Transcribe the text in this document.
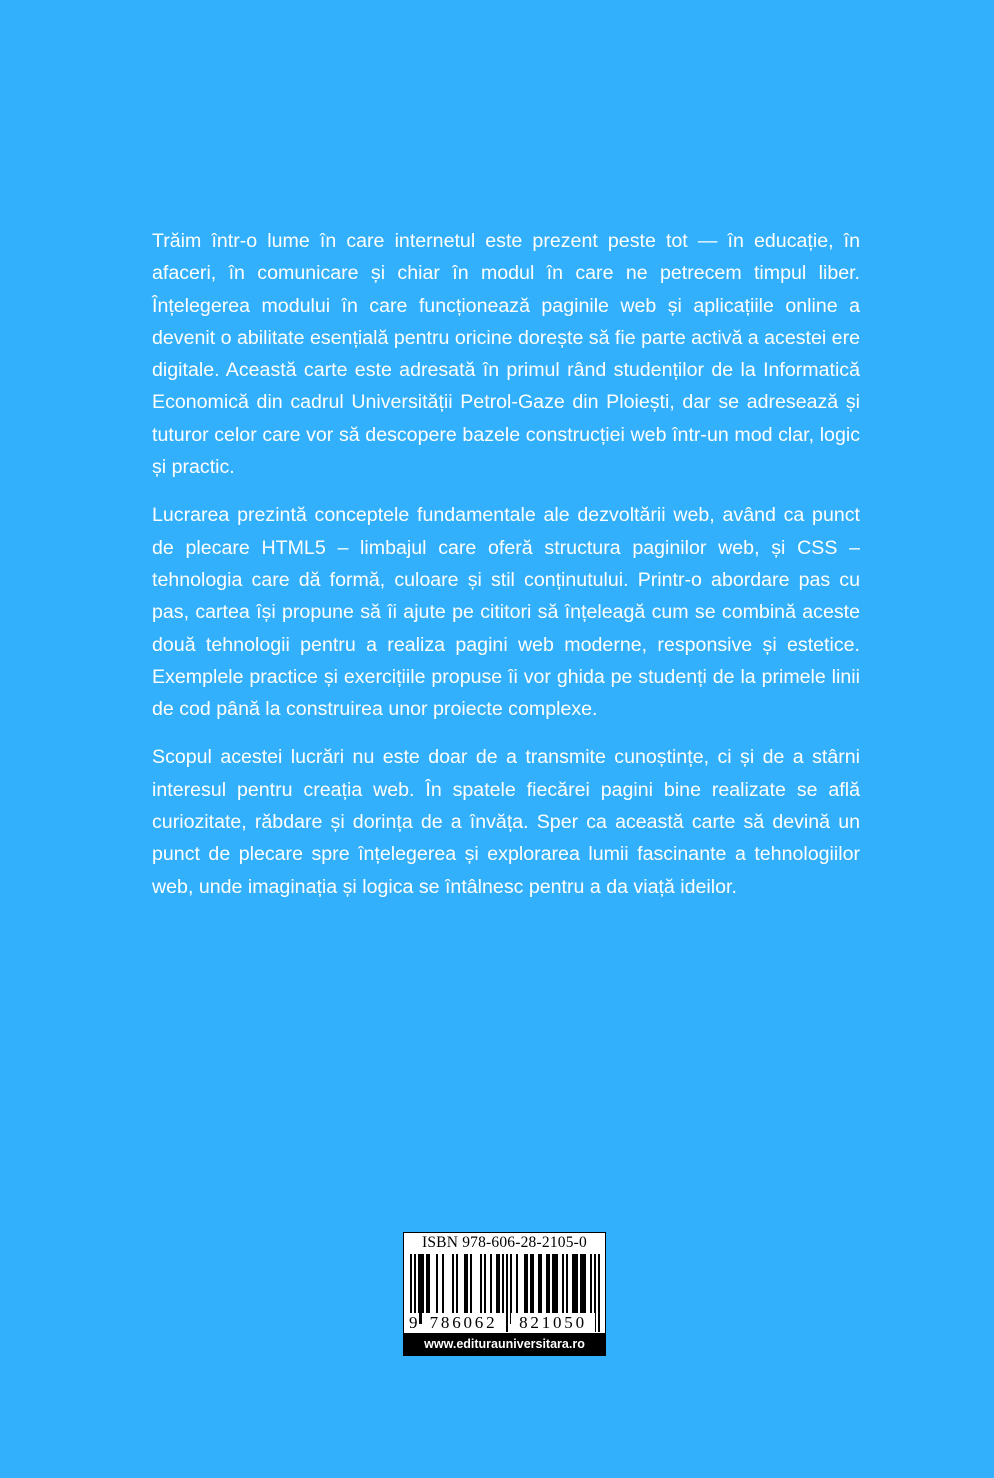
Trăim într-o lume în care internetul este prezent peste tot — în educație, în afaceri, în comunicare și chiar în modul în care ne petrecem timpul liber. Înțelegerea modului în care funcționează paginile web și aplicațiile online a devenit o abilitate esențială pentru oricine dorește să fie parte activă a acestei ere digitale. Această carte este adresată în primul rând studenților de la Informatică Economică din cadrul Universității Petrol-Gaze din Ploiești, dar se adresează și tuturor celor care vor să descopere bazele construcției web într-un mod clar, logic și practic.

Lucrarea prezintă conceptele fundamentale ale dezvoltării web, având ca punct de plecare HTML5 – limbajul care oferă structura paginilor web, și CSS – tehnologia care dă formă, culoare și stil conținutului. Printr-o abordare pas cu pas, cartea își propune să îi ajute pe cititori să înțeleagă cum se combină aceste două tehnologii pentru a realiza pagini web moderne, responsive și estetice. Exemplele practice și exercițiile propuse îi vor ghida pe studenți de la primele linii de cod până la construirea unor proiecte complexe.

Scopul acestei lucrări nu este doar de a transmite cunoștințe, ci și de a stârni interesul pentru creația web. În spatele fiecărei pagini bine realizate se află curiozitate, răbdare și dorința de a învăța. Sper ca această carte să devină un punct de plecare spre înțelegerea și explorarea lumii fascinante a tehnologiilor web, unde imaginația și logica se întâlnesc pentru a da viață ideilor.

ISBN 978-606-28-2105-0
9 786062	821050
www.editurauniversitara.ro
